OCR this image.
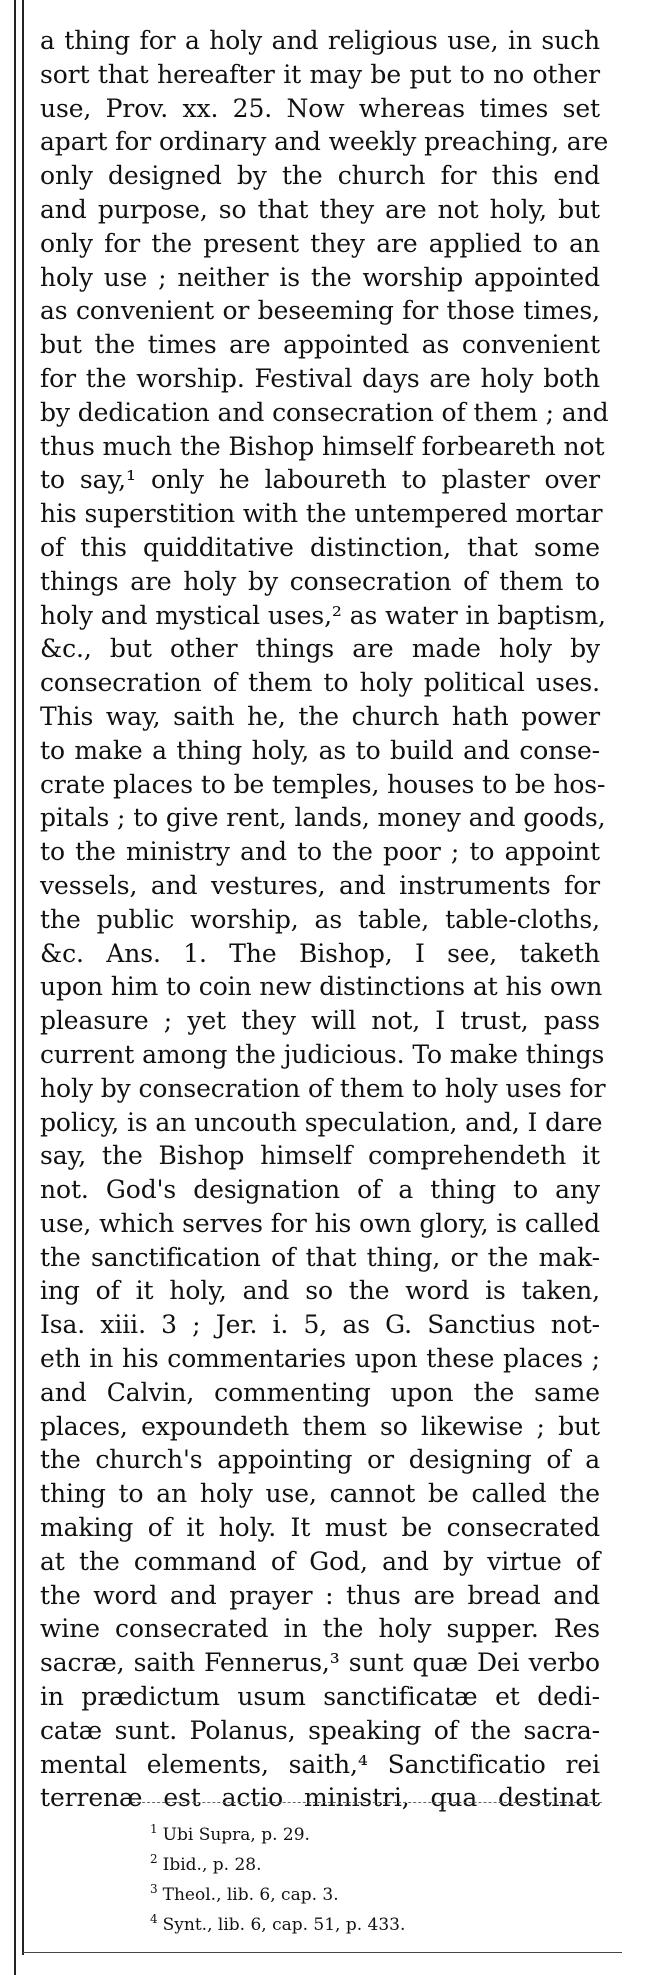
a thing for a holy and religious use, in such
sort that hereafter it may be put to no other
use, Prov. xx. 25. Now whereas times set
apart for ordinary and weekly preaching, are
only designed by the church for this end
and purpose, so that they are not holy, but
only for the present they are applied to an
holy use ; neither is the worship appointed
as convenient or beseeming for those times,
but the times are appointed as convenient
for the worship. Festival days are holy both
by dedication and consecration of them ; and
thus much the Bishop himself forbeareth not
to say,¹ only he laboureth to plaster over
his superstition with the untempered mortar
of this quidditative distinction, that some
things are holy by consecration of them to
holy and mystical uses,² as water in baptism,
&c., but other things are made holy by
consecration of them to holy political uses.
This way, saith he, the church hath power
to make a thing holy, as to build and conse-
crate places to be temples, houses to be hos-
pitals ; to give rent, lands, money and goods,
to the ministry and to the poor ; to appoint
vessels, and vestures, and instruments for
the public worship, as table, table-cloths,
&c. Ans. 1. The Bishop, I see, taketh
upon him to coin new distinctions at his own
pleasure ; yet they will not, I trust, pass
current among the judicious. To make things
holy by consecration of them to holy uses for
policy, is an uncouth speculation, and, I dare
say, the Bishop himself comprehendeth it
not. God's designation of a thing to any
use, which serves for his own glory, is called
the sanctification of that thing, or the mak-
ing of it holy, and so the word is taken,
Isa. xiii. 3 ; Jer. i. 5, as G. Sanctius not-
eth in his commentaries upon these places ;
and Calvin, commenting upon the same
places, expoundeth them so likewise ; but
the church's appointing or designing of a
thing to an holy use, cannot be called the
making of it holy. It must be consecrated
at the command of God, and by virtue of
the word and prayer : thus are bread and
wine consecrated in the holy supper. Res
sacræ, saith Fennerus,³ sunt quæ Dei verbo
in prædictum usum sanctificatæ et dedi-
catæ sunt. Polanus, speaking of the sacra-
mental elements, saith,⁴ Sanctificatio rei
terrenæ est actio ministri, qua destinat
$^1$ Ubi Supra, p. 29.
$^2$ Ibid., p. 28.
$^3$ Theol., lib. 6, cap. 3.
$^4$ Synt., lib. 6, cap. 51, p. 433.
